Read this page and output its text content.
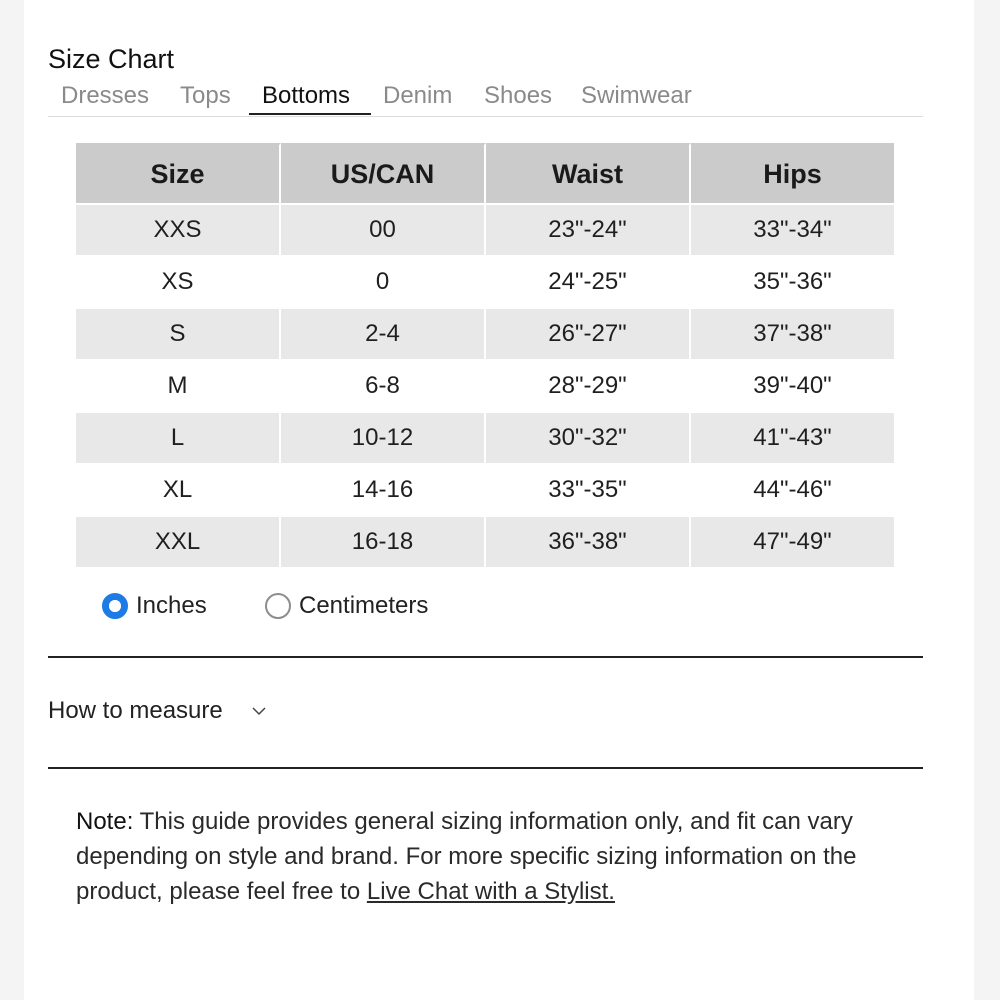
Size Chart
Dresses Tops Bottoms Denim Shoes Swimwear
Size	US/CAN	Waist	Hips
XXS	00	23"-24"	33"-34"
XS	0	24"-25"	35"-36"
S	2-4	26"-27"	37"-38"
M	6-8	28"-29"	39"-40"
L	10-12	30"-32"	41"-43"
XL	14-16	33"-35"	44"-46"
XXL	16-18	36"-38"	47"-49"
Inches	Centimeters
How to measure
Note: This guide provides general sizing information only, and fit can vary depending on style and brand. For more specific sizing information on the product, please feel free to Live Chat with a Stylist.
